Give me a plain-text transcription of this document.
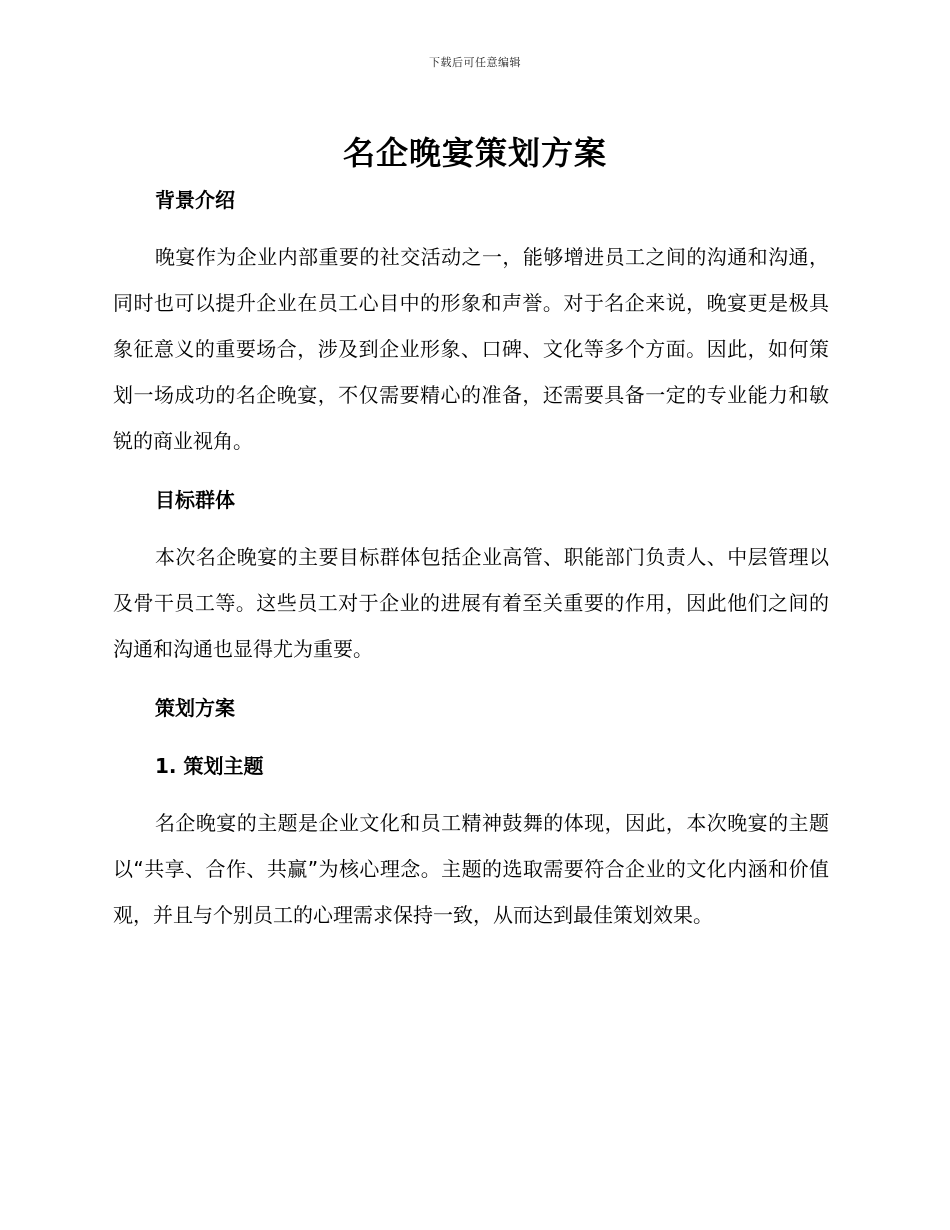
下载后可任意编辑
名企晚宴策划方案
背景介绍

晚宴作为企业内部重要的社交活动之一，能够增进员工之间的沟通和沟通，同时也可以提升企业在员工心目中的形象和声誉。对于名企来说，晚宴更是极具象征意义的重要场合，涉及到企业形象、口碑、文化等多个方面。因此，如何策划一场成功的名企晚宴，不仅需要精心的准备，还需要具备一定的专业能力和敏锐的商业视角。

目标群体

本次名企晚宴的主要目标群体包括企业高管、职能部门负责人、中层管理以及骨干员工等。这些员工对于企业的进展有着至关重要的作用，因此他们之间的沟通和沟通也显得尤为重要。

策划方案
1. 策划主题

名企晚宴的主题是企业文化和员工精神鼓舞的体现，因此，本次晚宴的主题以“共享、合作、共赢”为核心理念。主题的选取需要符合企业的文化内涵和价值观，并且与个别员工的心理需求保持一致，从而达到最佳策划效果。
